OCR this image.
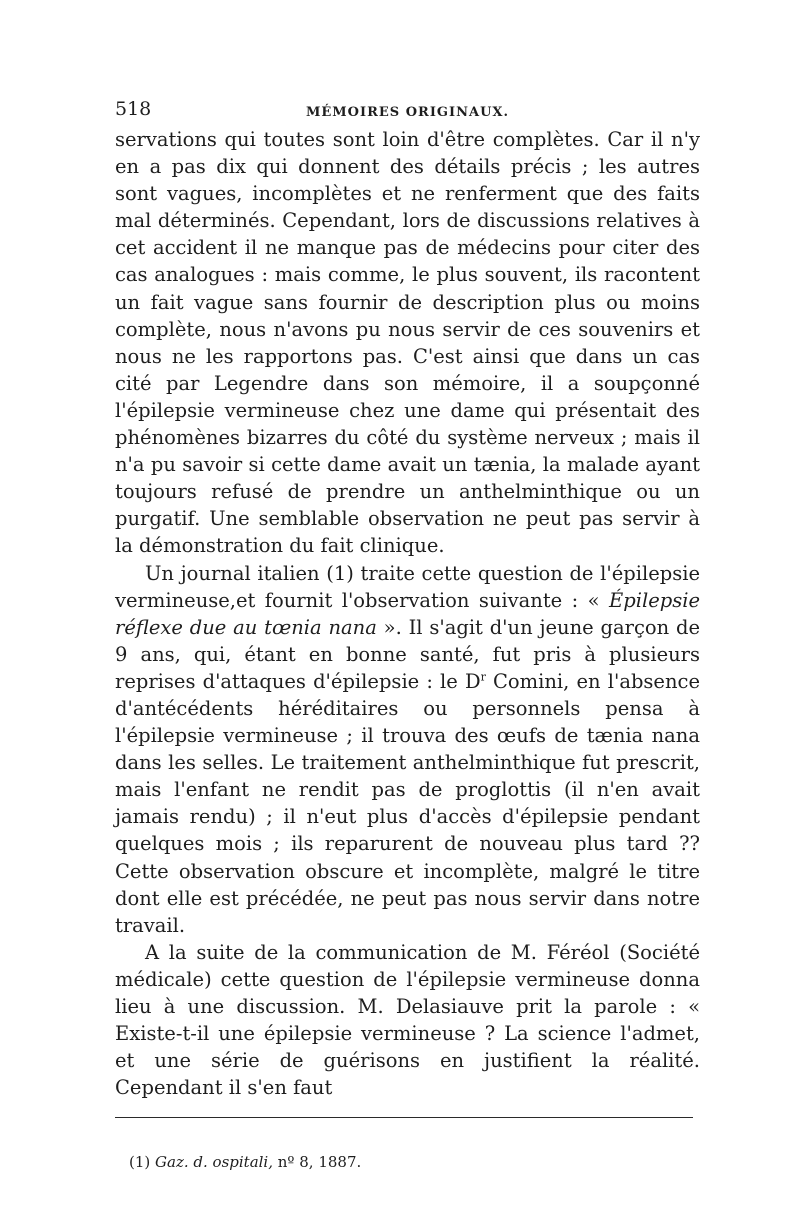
518	MÉMOIRES ORIGINAUX.

servations qui toutes sont loin d'être complètes. Car il n'y en a pas dix qui donnent des détails précis ; les autres sont vagues, incomplètes et ne renferment que des faits mal déterminés. Cependant, lors de discussions relatives à cet accident il ne manque pas de médecins pour citer des cas analogues : mais comme, le plus souvent, ils racontent un fait vague sans fournir de description plus ou moins complète, nous n'avons pu nous servir de ces souvenirs et nous ne les rapportons pas. C'est ainsi que dans un cas cité par Legendre dans son mémoire, il a soupçonné l'épilepsie vermineuse chez une dame qui présentait des phénomènes bizarres du côté du système nerveux ; mais il n'a pu savoir si cette dame avait un tænia, la malade ayant toujours refusé de prendre un anthelminthique ou un purgatif. Une semblable observation ne peut pas servir à la démonstration du fait clinique.

Un journal italien (1) traite cette question de l'épilepsie vermineuse,et fournit l'observation suivante : « Épilepsie réflexe due au tœnia nana ». Il s'agit d'un jeune garçon de 9 ans, qui, étant en bonne santé, fut pris à plusieurs reprises d'attaques d'épilepsie : le $D^r$ Comini, en l'absence d'antécédents héréditaires ou personnels pensa à l'épilepsie vermineuse ; il trouva des œufs de tænia nana dans les selles. Le traitement anthelminthique fut prescrit, mais l'enfant ne rendit pas de proglottis (il n'en avait jamais rendu) ; il n'eut plus d'accès d'épilepsie pendant quelques mois ; ils reparurent de nouveau plus tard ?? Cette observation obscure et incomplète, malgré le titre dont elle est précédée, ne peut pas nous servir dans notre travail.

A la suite de la communication de M. Féréol (Société médicale) cette question de l'épilepsie vermineuse donna lieu à une discussion. M. Delasiauve prit la parole : « Existe-t-il une épilepsie vermineuse ? La science l'admet, et une série de guérisons en justifient la réalité. Cependant il s'en faut

(1) Gaz. d. ospitali, nº 8, 1887.
